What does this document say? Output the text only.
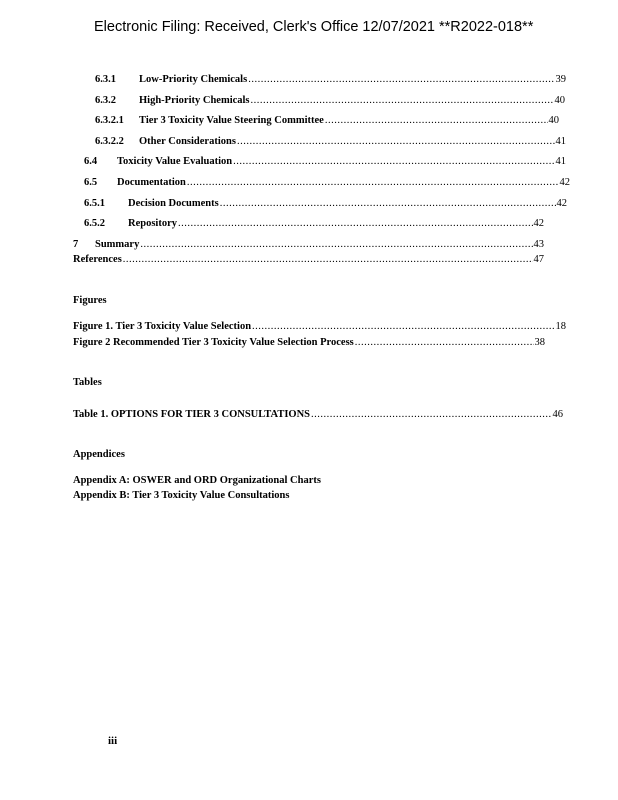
Electronic Filing: Received, Clerk's Office 12/07/2021 **R2022-018**
6.3.1	Low-Priority Chemicals .....	39
6.3.2	High-Priority Chemicals .....	40
6.3.2.1	Tier 3 Toxicity Value Steering Committee .....	40
6.3.2.2	Other Considerations .....	41
6.4	Toxicity Value Evaluation .....	41
6.5	Documentation .....	42
6.5.1	Decision Documents .....	42
6.5.2	Repository .....	42
7	Summary .....	43
References .....	47
Figures
Figure 1. Tier 3 Toxicity Value Selection .....	18
Figure 2 Recommended Tier 3 Toxicity Value Selection Process .....	38
Tables
Table 1. OPTIONS FOR TIER 3 CONSULTATIONS .....	46
Appendices
Appendix A: OSWER and ORD Organizational Charts
Appendix B: Tier 3 Toxicity Value Consultations
iii
